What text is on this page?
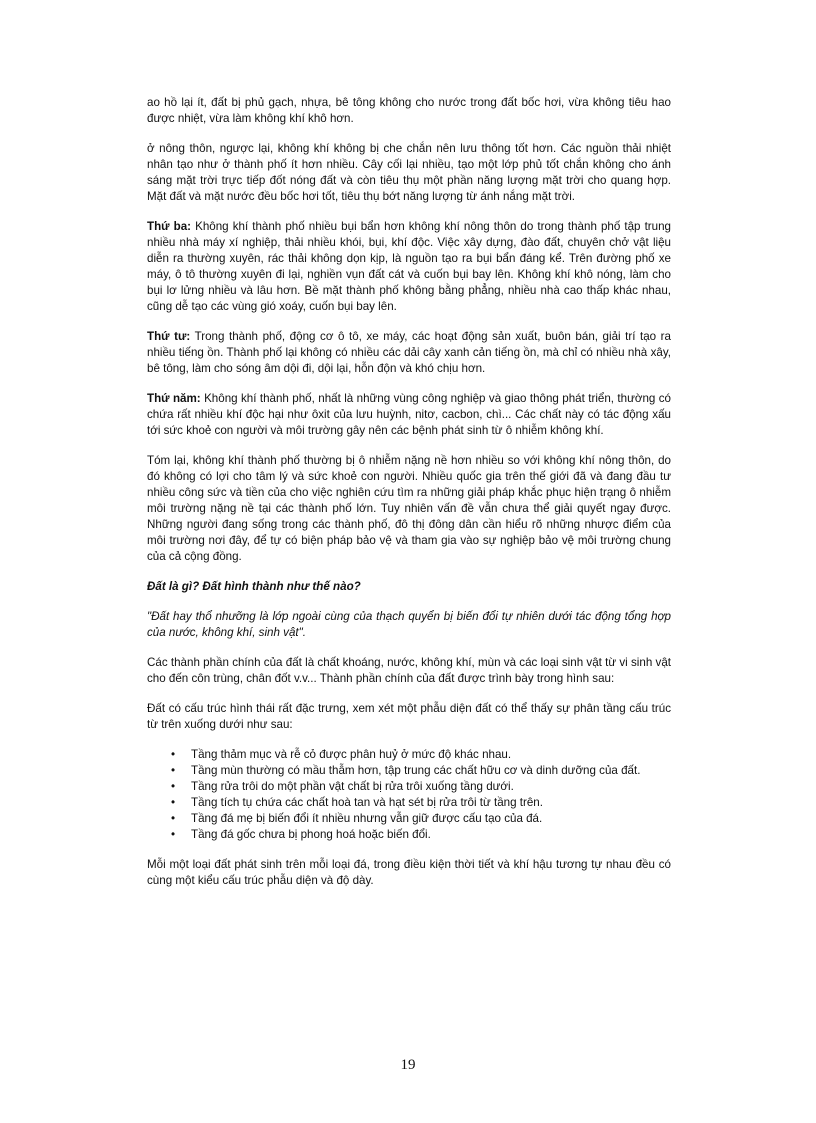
ao hồ lại ít, đất bị phủ gạch, nhựa, bê tông không cho nước trong đất bốc hơi, vừa không tiêu hao được nhiệt, vừa làm không khí khô hơn.

ở nông thôn, ngược lại, không khí không bị che chắn nên lưu thông tốt hơn. Các nguồn thải nhiệt nhân tạo như ở thành phố ít hơn nhiều. Cây cối lại nhiều, tạo một lớp phủ tốt chắn không cho ánh sáng mặt trời trực tiếp đốt nóng đất và còn tiêu thụ một phần năng lượng mặt trời cho quang hợp. Mặt đất và mặt nước đều bốc hơi tốt, tiêu thụ bớt năng lượng từ ánh nắng mặt trời.

Thứ ba: Không khí thành phố nhiều bụi bẩn hơn không khí nông thôn do trong thành phố tập trung nhiều nhà máy xí nghiệp, thải nhiều khói, bụi, khí độc. Việc xây dựng, đào đất, chuyên chở vật liệu diễn ra thường xuyên, rác thải không dọn kịp, là nguồn tạo ra bụi bẩn đáng kể. Trên đường phố xe máy, ô tô thường xuyên đi lại, nghiền vụn đất cát và cuốn bụi bay lên. Không khí khô nóng, làm cho bụi lơ lửng nhiều và lâu hơn. Bề mặt thành phố không bằng phẳng, nhiều nhà cao thấp khác nhau, cũng dễ tạo các vùng gió xoáy, cuốn bụi bay lên.

Thứ tư: Trong thành phố, động cơ ô tô, xe máy, các hoạt động sản xuất, buôn bán, giải trí tạo ra nhiều tiếng ồn. Thành phố lại không có nhiều các dải cây xanh cản tiếng ồn, mà chỉ có nhiều nhà xây, bê tông, làm cho sóng âm dội đi, dội lại, hỗn độn và khó chịu hơn.

Thứ năm: Không khí thành phố, nhất là những vùng công nghiệp và giao thông phát triển, thường có chứa rất nhiều khí độc hại như ôxit của lưu huỳnh, nitơ, cacbon, chì... Các chất này có tác động xấu tới sức khoẻ con người và môi trường gây nên các bệnh phát sinh từ ô nhiễm không khí.

Tóm lại, không khí thành phố thường bị ô nhiễm nặng nề hơn nhiều so với không khí nông thôn, do đó không có lợi cho tâm lý và sức khoẻ con người. Nhiều quốc gia trên thế giới đã và đang đầu tư nhiều công sức và tiền của cho việc nghiên cứu tìm ra những giải pháp khắc phục hiện trạng ô nhiễm môi trường nặng nề tại các thành phố lớn. Tuy nhiên vấn đề vẫn chưa thể giải quyết ngay được. Những người đang sống trong các thành phố, đô thị đông dân cần hiểu rõ những nhược điểm của môi trường nơi đây, để tự có biện pháp bảo vệ và tham gia vào sự nghiệp bảo vệ môi trường chung của cả cộng đồng.

Đất là gì? Đất hình thành như thế nào?

"Đất hay thổ nhưỡng là lớp ngoài cùng của thạch quyển bị biến đổi tự nhiên dưới tác động tổng hợp của nước, không khí, sinh vật".

Các thành phần chính của đất là chất khoáng, nước, không khí, mùn và các loại sinh vật từ vi sinh vật cho đến côn trùng, chân đốt v.v... Thành phần chính của đất được trình bày trong hình sau:

Đất có cấu trúc hình thái rất đặc trưng, xem xét một phẫu diện đất có thể thấy sự phân tầng cấu trúc từ trên xuống dưới như sau:

• Tầng thảm mục và rễ cỏ được phân huỷ ở mức độ khác nhau.
• Tầng mùn thường có mầu thẫm hơn, tập trung các chất hữu cơ và dinh dưỡng của đất.
• Tầng rửa trôi do một phần vật chất bị rửa trôi xuống tầng dưới.
• Tầng tích tụ chứa các chất hoà tan và hạt sét bị rửa trôi từ tầng trên.
• Tầng đá mẹ bị biến đổi ít nhiều nhưng vẫn giữ được cấu tạo của đá.
• Tầng đá gốc chưa bị phong hoá hoặc biến đổi.

Mỗi một loại đất phát sinh trên mỗi loại đá, trong điều kiện thời tiết và khí hậu tương tự nhau đều có cùng một kiểu cấu trúc phẫu diện và độ dày.

19
